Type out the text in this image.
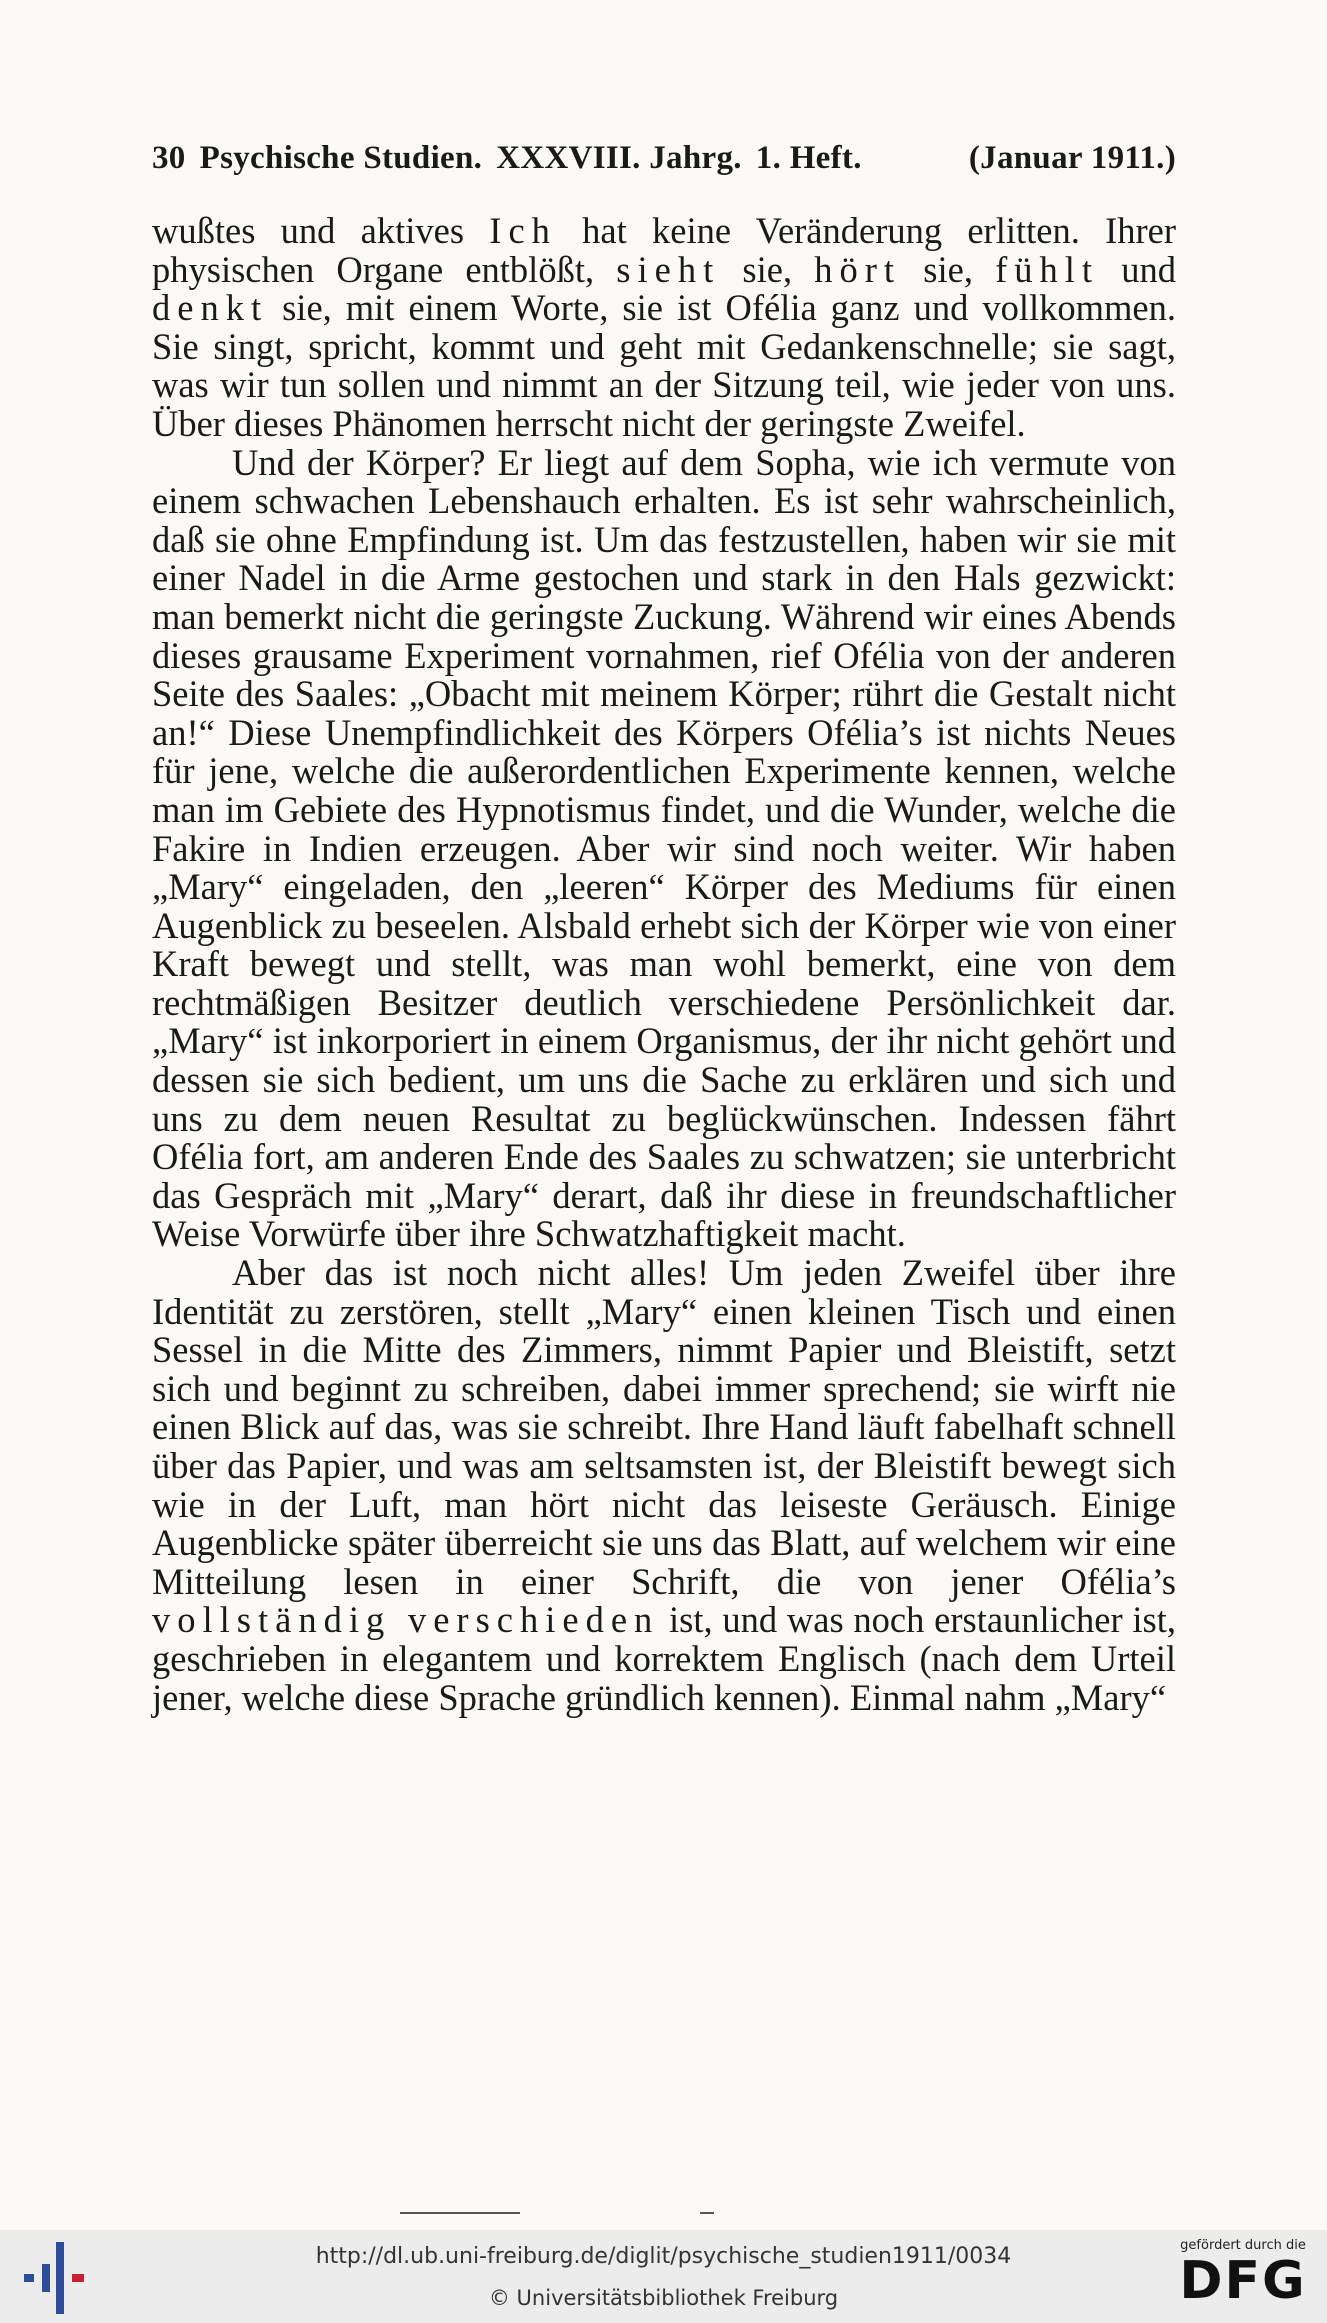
30 Psychische Studien. XXXVIII. Jahrg. 1. Heft.	(Januar 1911.)

wußtes und aktives Ich hat keine Veränderung erlitten. Ihrer physischen Organe entblößt, sieht sie, hört sie, fühlt und denkt sie, mit einem Worte, sie ist Ofélia ganz und vollkommen. Sie singt, spricht, kommt und geht mit Gedankenschnelle; sie sagt, was wir tun sollen und nimmt an der Sitzung teil, wie jeder von uns. Über dieses Phänomen herrscht nicht der geringste Zweifel.

Und der Körper? Er liegt auf dem Sopha, wie ich vermute von einem schwachen Lebenshauch erhalten. Es ist sehr wahrscheinlich, daß sie ohne Empfindung ist. Um das festzustellen, haben wir sie mit einer Nadel in die Arme gestochen und stark in den Hals gezwickt: man bemerkt nicht die geringste Zuckung. Während wir eines Abends dieses grausame Experiment vornahmen, rief Ofélia von der anderen Seite des Saales: „Obacht mit meinem Körper; rührt die Gestalt nicht an!“ Diese Unempfindlichkeit des Körpers Ofélia’s ist nichts Neues für jene, welche die außerordentlichen Experimente kennen, welche man im Gebiete des Hypnotismus findet, und die Wunder, welche die Fakire in Indien erzeugen. Aber wir sind noch weiter. Wir haben „Mary“ eingeladen, den „leeren“ Körper des Mediums für einen Augenblick zu beseelen. Alsbald erhebt sich der Körper wie von einer Kraft bewegt und stellt, was man wohl bemerkt, eine von dem rechtmäßigen Besitzer deutlich verschiedene Persönlichkeit dar. „Mary“ ist inkorporiert in einem Organismus, der ihr nicht gehört und dessen sie sich bedient, um uns die Sache zu erklären und sich und uns zu dem neuen Resultat zu beglückwünschen. Indessen fährt Ofélia fort, am anderen Ende des Saales zu schwatzen; sie unterbricht das Gespräch mit „Mary“ derart, daß ihr diese in freundschaftlicher Weise Vorwürfe über ihre Schwatzhaftigkeit macht.

Aber das ist noch nicht alles! Um jeden Zweifel über ihre Identität zu zerstören, stellt „Mary“ einen kleinen Tisch und einen Sessel in die Mitte des Zimmers, nimmt Papier und Bleistift, setzt sich und beginnt zu schreiben, dabei immer sprechend; sie wirft nie einen Blick auf das, was sie schreibt. Ihre Hand läuft fabelhaft schnell über das Papier, und was am seltsamsten ist, der Bleistift bewegt sich wie in der Luft, man hört nicht das leiseste Geräusch. Einige Augenblicke später überreicht sie uns das Blatt, auf welchem wir eine Mitteilung lesen in einer Schrift, die von jener Ofélia’s vollständig verschieden ist, und was noch erstaunlicher ist, geschrieben in elegantem und korrektem Englisch (nach dem Urteil jener, welche diese Sprache gründlich kennen). Einmal nahm „Mary“

http://dl.ub.uni-freiburg.de/diglit/psychische_studien1911/0034
© Universitätsbibliothek Freiburg
gefördert durch die
DFG
